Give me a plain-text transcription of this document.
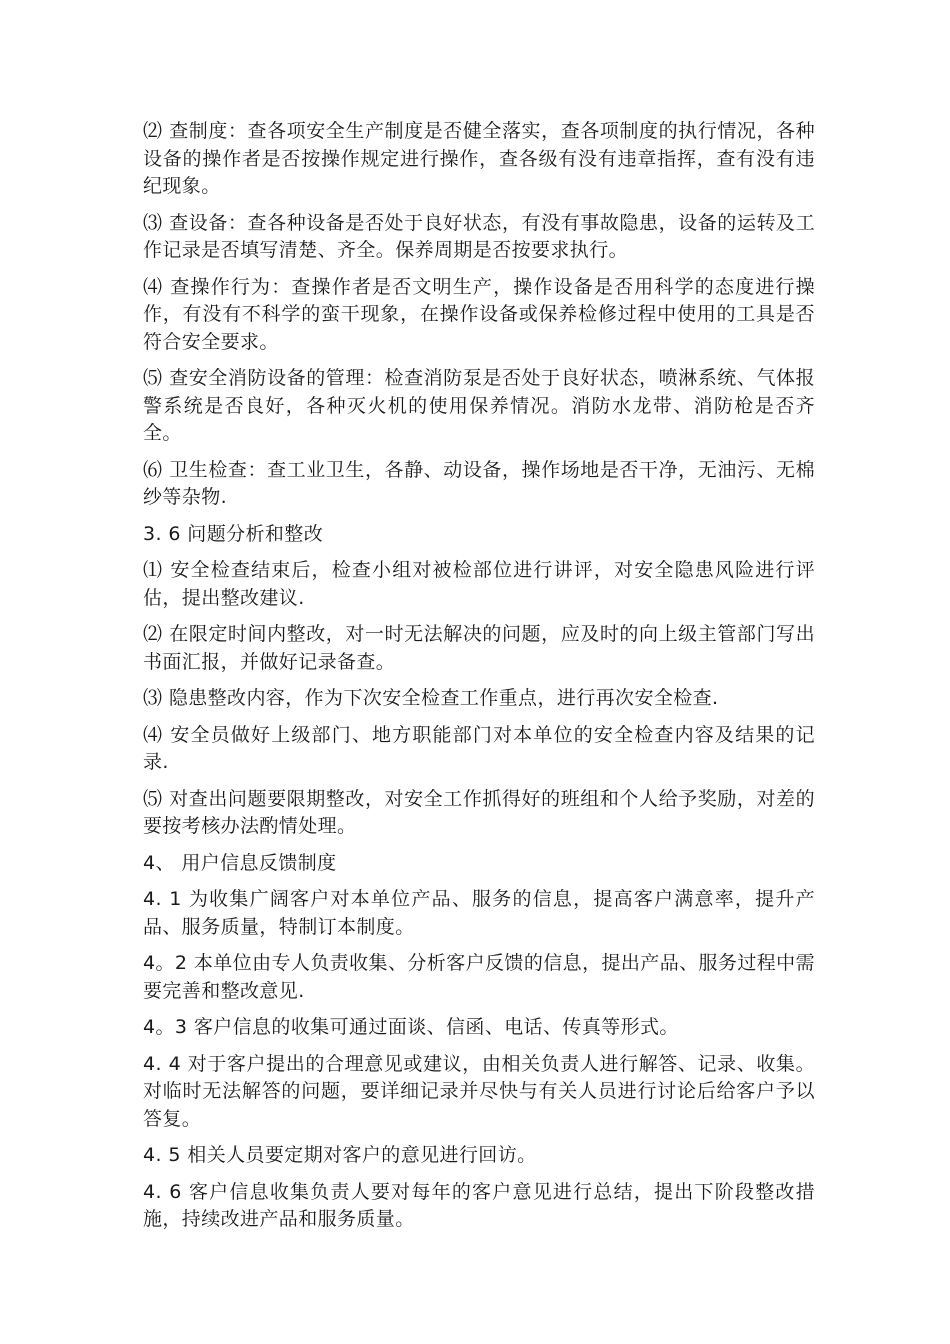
⑵ 查制度：查各项安全生产制度是否健全落实，查各项制度的执行情况，各种设备的操作者是否按操作规定进行操作，查各级有没有违章指挥，查有没有违纪现象。

⑶ 查设备：查各种设备是否处于良好状态，有没有事故隐患，设备的运转及工作记录是否填写清楚、齐全。保养周期是否按要求执行。

⑷ 查操作行为：查操作者是否文明生产，操作设备是否用科学的态度进行操作，有没有不科学的蛮干现象，在操作设备或保养检修过程中使用的工具是否符合安全要求。

⑸ 查安全消防设备的管理：检查消防泵是否处于良好状态，喷淋系统、气体报警系统是否良好，各种灭火机的使用保养情况。消防水龙带、消防枪是否齐全。

⑹ 卫生检查：查工业卫生，各静、动设备，操作场地是否干净，无油污、无棉纱等杂物.

3. 6 问题分析和整改

⑴ 安全检查结束后，检查小组对被检部位进行讲评，对安全隐患风险进行评估，提出整改建议.

⑵ 在限定时间内整改，对一时无法解决的问题，应及时的向上级主管部门写出书面汇报，并做好记录备查。

⑶ 隐患整改内容，作为下次安全检查工作重点，进行再次安全检查.

⑷ 安全员做好上级部门、地方职能部门对本单位的安全检查内容及结果的记录.

⑸ 对查出问题要限期整改，对安全工作抓得好的班组和个人给予奖励，对差的要按考核办法酌情处理。

4、 用户信息反馈制度

4. 1 为收集广阔客户对本单位产品、服务的信息，提高客户满意率，提升产品、服务质量，特制订本制度。

4。2 本单位由专人负责收集、分析客户反馈的信息，提出产品、服务过程中需要完善和整改意见.

4。3 客户信息的收集可通过面谈、信函、电话、传真等形式。

4. 4 对于客户提出的合理意见或建议，由相关负责人进行解答、记录、收集。对临时无法解答的问题，要详细记录并尽快与有关人员进行讨论后给客户予以答复。

4. 5 相关人员要定期对客户的意见进行回访。

4. 6 客户信息收集负责人要对每年的客户意见进行总结，提出下阶段整改措施，持续改进产品和服务质量。
